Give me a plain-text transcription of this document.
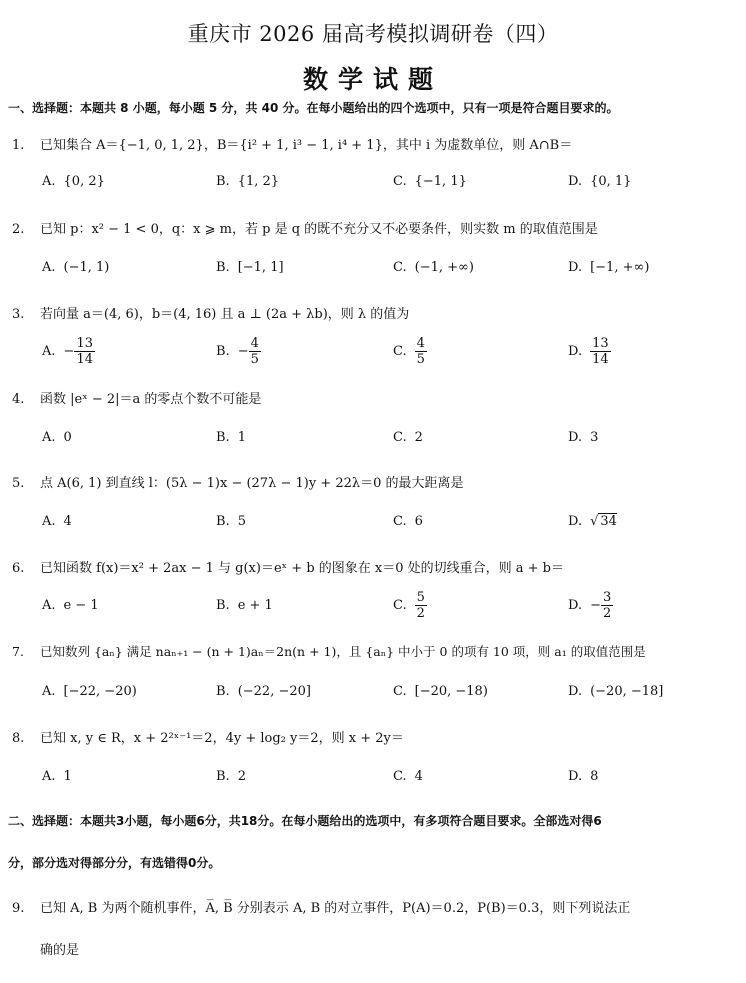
重庆市 2026 届高考模拟调研卷（四）
数学试题
一、选择题：本题共 8 小题，每小题 5 分，共 40 分。在每小题给出的四个选项中，只有一项是符合题目要求的。
1. 已知集合 A＝{−1, 0, 1, 2}，B＝{i² + 1, i³ − 1, i⁴ + 1}，其中 i 为虚数单位，则 A∩B＝
A. {0, 2}	B. {1, 2}	C. {−1, 1}	D. {0, 1}
2. 已知 p：x² − 1 < 0，q：x ⩾ m，若 p 是 q 的既不充分又不必要条件，则实数 m 的取值范围是
A. (−1, 1)	B. [−1, 1]	C. (−1, +∞)	D. [−1, +∞)
3. 若向量 a＝(4, 6)，b＝(4, 16) 且 a ⊥ (2a + λb)，则 λ 的值为
A. − $\frac{13}{14}$	B. − $\frac{4}{5}$	C. $\frac{4}{5}$	D. $\frac{13}{14}$
4. 函数 |eˣ − 2|＝a 的零点个数不可能是
A. 0	B. 1	C. 2	D. 3
5. 点 A(6, 1) 到直线 l：(5λ − 1)x − (27λ − 1)y + 22λ＝0 的最大距离是
A. 4	B. 5	C. 6	D. √ 34
6. 已知函数 f(x)＝x² + 2ax − 1 与 g(x)＝eˣ + b 的图象在 x＝0 处的切线重合，则 a + b＝
A. e − 1	B. e + 1	C. $\frac{5}{2}$	D. − $\frac{3}{2}$
7. 已知数列 {aₙ} 满足 naₙ₊₁ − (n + 1)aₙ＝2n(n + 1)，且 {aₙ} 中小于 0 的项有 10 项，则 a₁ 的取值范围是
A. [−22, −20)	B. (−22, −20]	C. [−20, −18)	D. (−20, −18]
8. 已知 x, y ∈ R，x + 2²ˣ⁻¹＝2，4y + log₂ y＝2，则 x + 2y＝
A. 1	B. 2	C. 4	D. 8
二、选择题：本题共3小题，每小题6分，共18分。在每小题给出的选项中，有多项符合题目要求。全部选对得6
分，部分选对得部分分，有选错得0分。
9. 已知 A, B 为两个随机事件，A̅, B̅ 分别表示 A, B 的对立事件，P(A)＝0.2，P(B)＝0.3，则下列说法正
确的是
